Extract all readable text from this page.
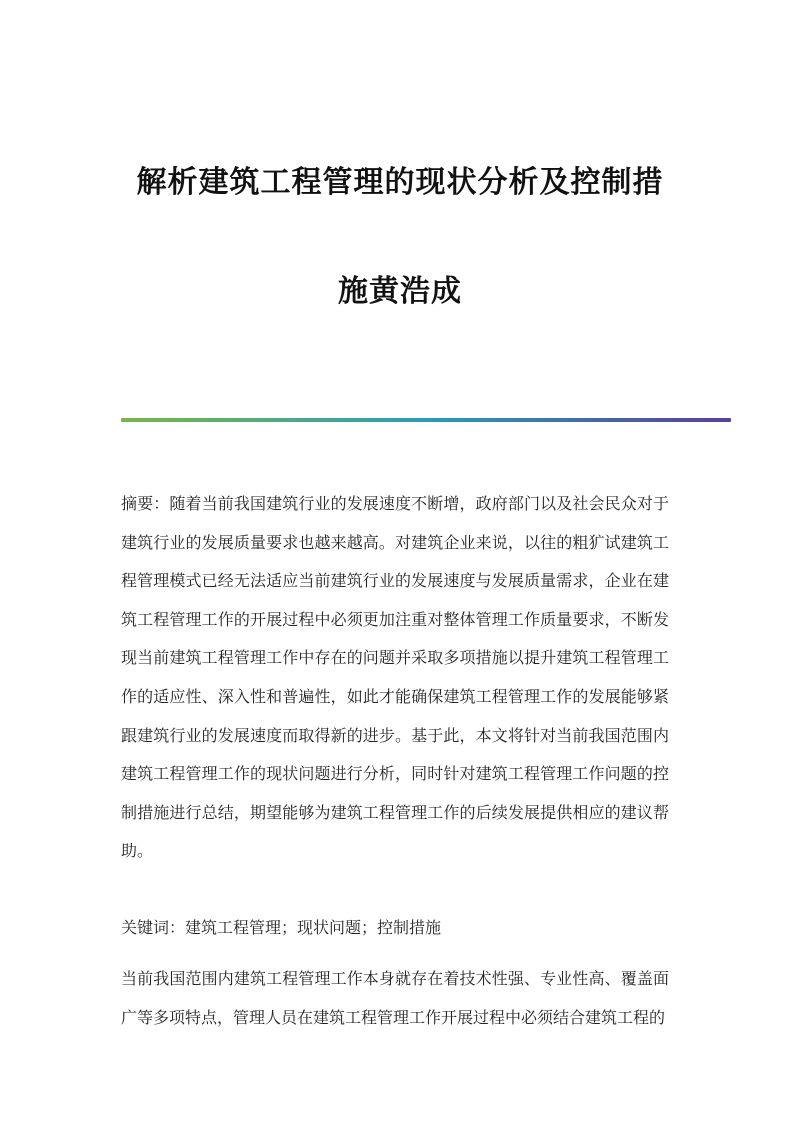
解析建筑工程管理的现状分析及控制措
施黄浩成

摘要：随着当前我国建筑行业的发展速度不断增，政府部门以及社会民众对于建筑行业的发展质量要求也越来越高。对建筑企业来说，以往的粗犷试建筑工程管理模式已经无法适应当前建筑行业的发展速度与发展质量需求，企业在建筑工程管理工作的开展过程中必须更加注重对整体管理工作质量要求，不断发现当前建筑工程管理工作中存在的问题并采取多项措施以提升建筑工程管理工作的适应性、深入性和普遍性，如此才能确保建筑工程管理工作的发展能够紧跟建筑行业的发展速度而取得新的进步。基于此，本文将针对当前我国范围内建筑工程管理工作的现状问题进行分析，同时针对建筑工程管理工作问题的控制措施进行总结，期望能够为建筑工程管理工作的后续发展提供相应的建议帮助。

关键词：建筑工程管理；现状问题；控制措施

当前我国范围内建筑工程管理工作本身就存在着技术性强、专业性高、覆盖面广等多项特点，管理人员在建筑工程管理工作开展过程中必须结合建筑工程的
